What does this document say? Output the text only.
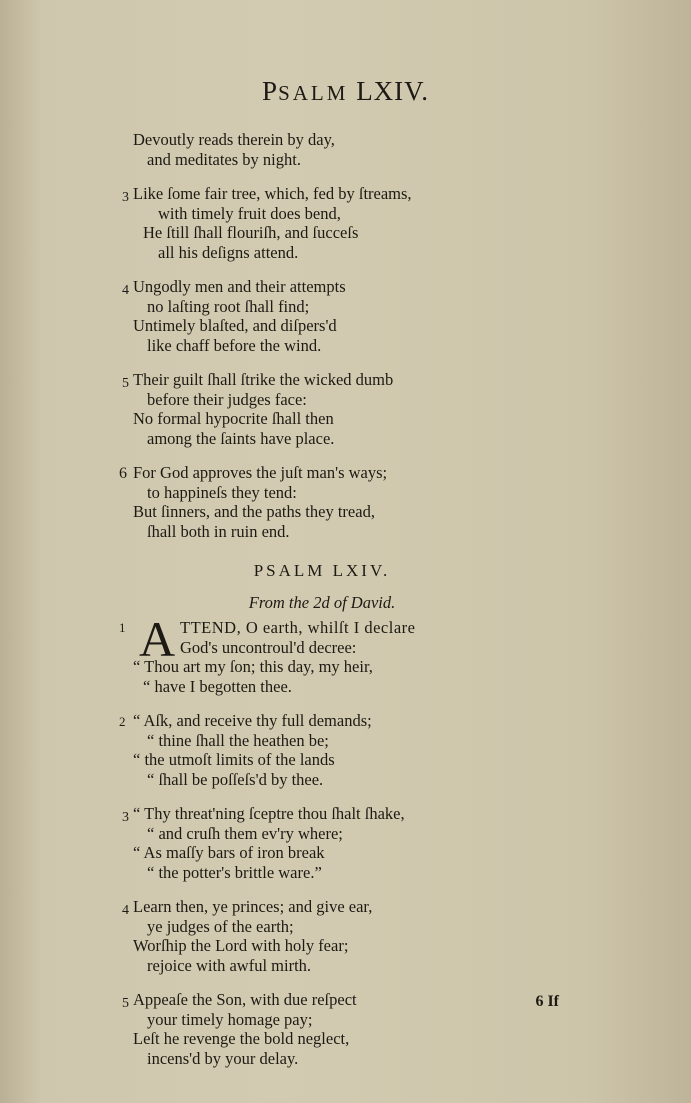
PSALM LXIV.
Devoutly reads therein by day,
and meditates by night.
3 Like ſome fair tree, which, fed by ſtreams,
with timely fruit does bend,
He ſtill ſhall flouriſh, and ſucceſs
all his deſigns attend.
4 Ungodly men and their attempts
no laſting root ſhall find;
Untimely blaſted, and diſpers'd
like chaff before the wind.
5 Their guilt ſhall ſtrike the wicked dumb
before their judges face:
No formal hypocrite ſhall then
among the ſaints have place.
6 For God approves the juſt man's ways;
to happineſs they tend:
But ſinners, and the paths they tread,
ſhall both in ruin end.
PSALM LXIV.
From the 2d of David.
1 A TTEND, O earth, whilſt I declare
God's uncontroul'd decree:
“ Thou art my ſon; this day, my heir,
“ have I begotten thee.
2 “ Aſk, and receive thy full demands;
“ thine ſhall the heathen be;
“ the utmoſt limits of the lands
“ ſhall be poſſeſs'd by thee.
3 “ Thy threat'ning ſceptre thou ſhalt ſhake,
“ and cruſh them ev'ry where;
“ As maſſy bars of iron break
“ the potter's brittle ware.”
4 Learn then, ye princes; and give ear,
ye judges of the earth;
Worſhip the Lord with holy fear;
rejoice with awful mirth.
5 Appeaſe the Son, with due reſpect
your timely homage pay;
Leſt he revenge the bold neglect,
incens'd by your delay.
6 If
